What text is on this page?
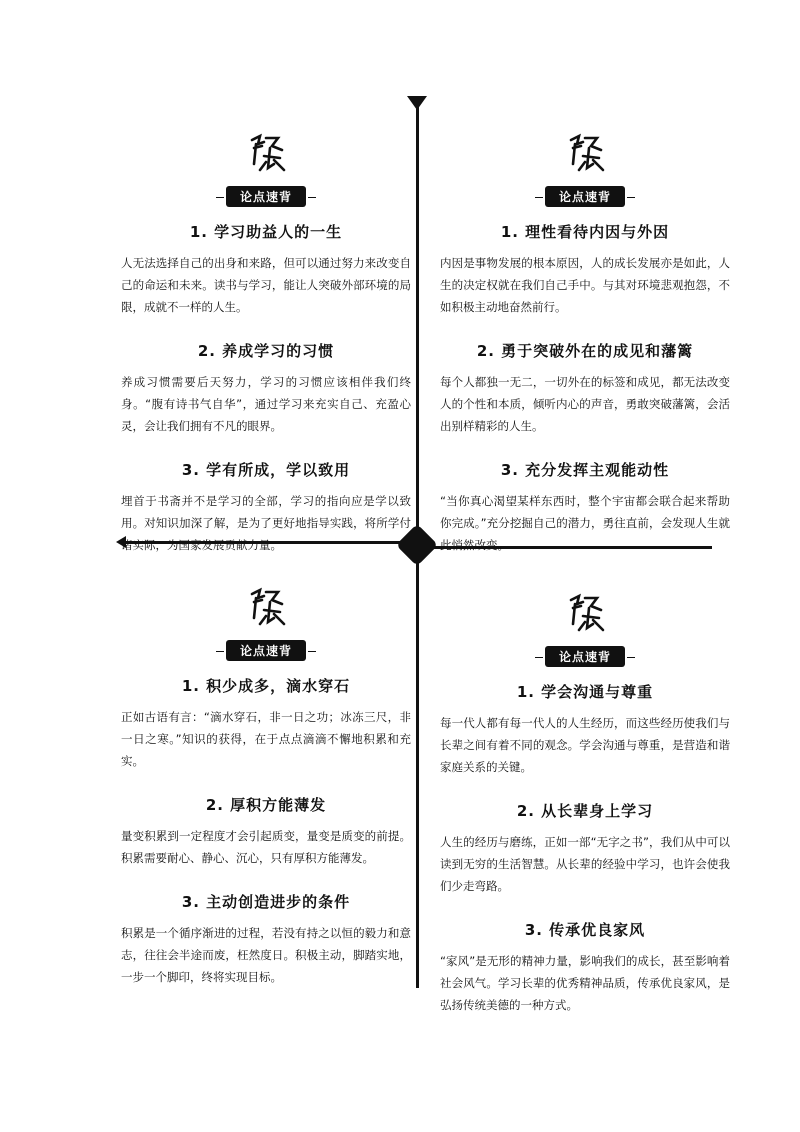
论点速背
1. 学习助益人的一生

人无法选择自己的出身和来路，但可以通过努力来改变自己的命运和未来。读书与学习，能让人突破外部环境的局限，成就不一样的人生。

2. 养成学习的习惯

养成习惯需要后天努力，学习的习惯应该相伴我们终身。“腹有诗书气自华”，通过学习来充实自己、充盈心灵，会让我们拥有不凡的眼界。

3. 学有所成，学以致用

埋首于书斋并不是学习的全部，学习的指向应是学以致用。对知识加深了解，是为了更好地指导实践，将所学付诸实际，为国家发展贡献力量。

论点速背
1. 理性看待内因与外因

内因是事物发展的根本原因，人的成长发展亦是如此，人生的决定权就在我们自己手中。与其对环境悲观抱怨，不如积极主动地奋然前行。

2. 勇于突破外在的成见和藩篱

每个人都独一无二，一切外在的标签和成见，都无法改变人的个性和本质，倾听内心的声音，勇敢突破藩篱，会活出别样精彩的人生。

3. 充分发挥主观能动性

“当你真心渴望某样东西时，整个宇宙都会联合起来帮助你完成。”充分挖掘自己的潜力，勇往直前，会发现人生就此悄然改变。

论点速背
1. 积少成多，滴水穿石

正如古语有言：“滴水穿石，非一日之功；冰冻三尺，非一日之寒。”知识的获得，在于点点滴滴不懈地积累和充实。

2. 厚积方能薄发

量变积累到一定程度才会引起质变，量变是质变的前提。积累需要耐心、静心、沉心，只有厚积方能薄发。

3. 主动创造进步的条件

积累是一个循序渐进的过程，若没有持之以恒的毅力和意志，往往会半途而废，枉然度日。积极主动，脚踏实地，一步一个脚印，终将实现目标。

论点速背
1. 学会沟通与尊重

每一代人都有每一代人的人生经历，而这些经历使我们与长辈之间有着不同的观念。学会沟通与尊重，是营造和谐家庭关系的关键。

2. 从长辈身上学习

人生的经历与磨练，正如一部“无字之书”，我们从中可以读到无穷的生活智慧。从长辈的经验中学习，也许会使我们少走弯路。

3. 传承优良家风

“家风”是无形的精神力量，影响我们的成长，甚至影响着社会风气。学习长辈的优秀精神品质，传承优良家风，是弘扬传统美德的一种方式。
